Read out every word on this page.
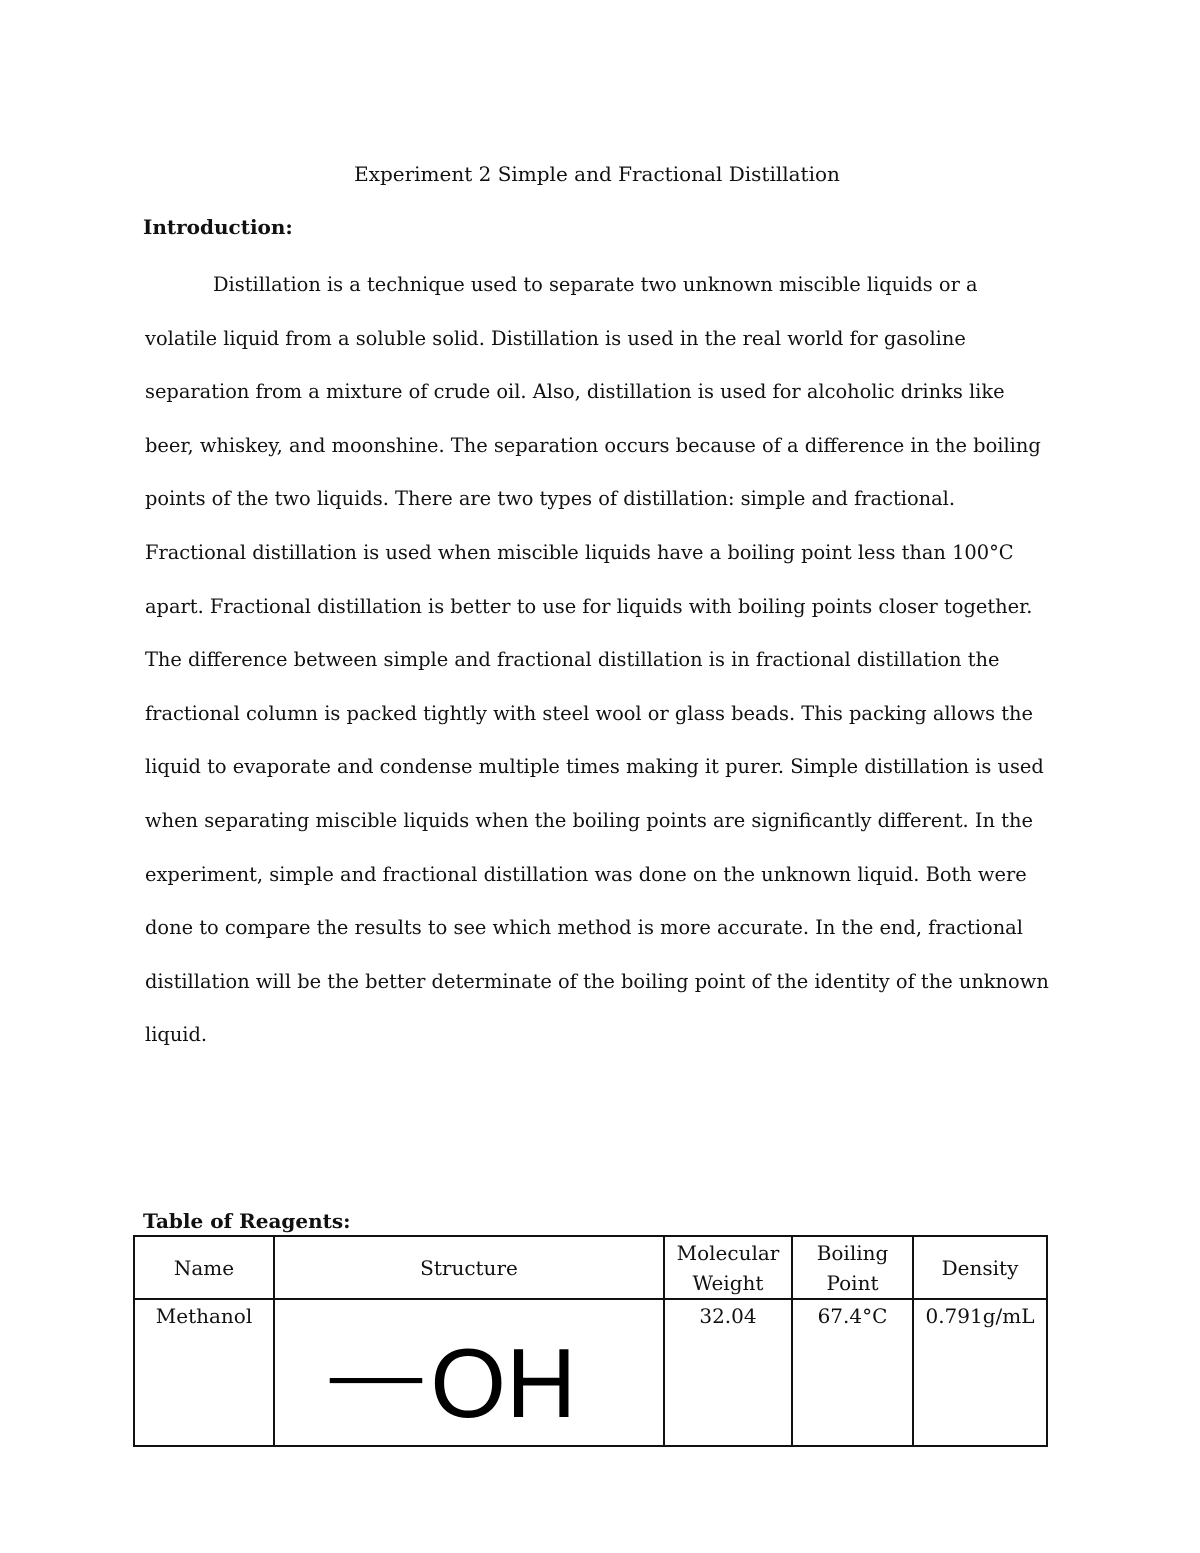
Experiment 2 Simple and Fractional Distillation
Introduction:

Distillation is a technique used to separate two unknown miscible liquids or a volatile liquid from a soluble solid. Distillation is used in the real world for gasoline separation from a mixture of crude oil. Also, distillation is used for alcoholic drinks like beer, whiskey, and moonshine. The separation occurs because of a difference in the boiling points of the two liquids. There are two types of distillation: simple and fractional. Fractional distillation is used when miscible liquids have a boiling point less than 100°C apart. Fractional distillation is better to use for liquids with boiling points closer together. The difference between simple and fractional distillation is in fractional distillation the fractional column is packed tightly with steel wool or glass beads. This packing allows the liquid to evaporate and condense multiple times making it purer. Simple distillation is used when separating miscible liquids when the boiling points are significantly different. In the experiment, simple and fractional distillation was done on the unknown liquid. Both were done to compare the results to see which method is more accurate. In the end, fractional distillation will be the better determinate of the boiling point of the identity of the unknown liquid.

Table of Reagents:
Name	Structure	Molecular Weight	Boiling Point	Density
Methanol	OH	32.04	67.4°C	0.791g/mL
